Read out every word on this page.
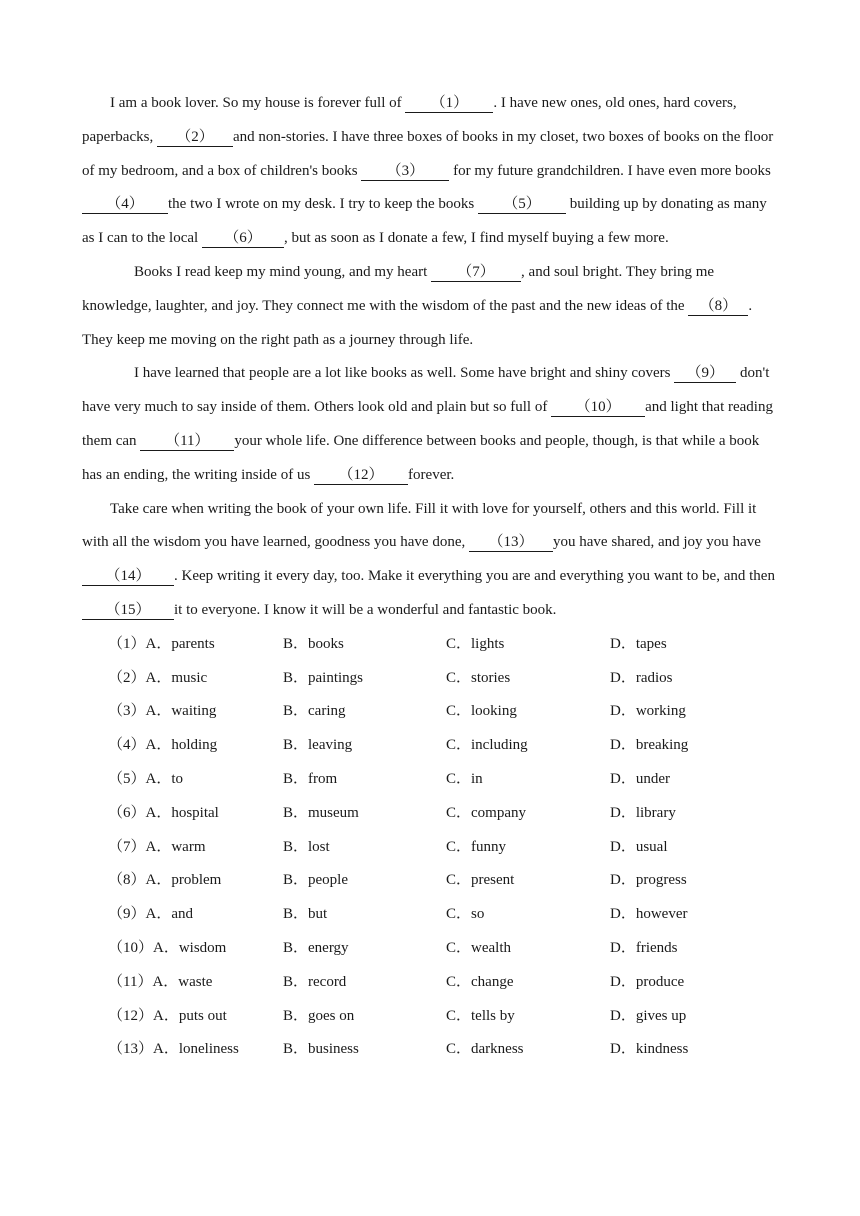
I am a book lover. So my house is forever full of （1） . I have new ones, old ones, hard covers, paperbacks, （2） and non-stories. I have three boxes of books in my closet, two boxes of books on the floor of my bedroom, and a box of children's books （3） for my future grandchildren. I have even more books （4） the two I wrote on my desk. I try to keep the books （5） building up by donating as many as I can to the local （6） , but as soon as I donate a few, I find myself buying a few more.

Books I read keep my mind young, and my heart （7） , and soul bright. They bring me knowledge, laughter, and joy. They connect me with the wisdom of the past and the new ideas of the （8） . They keep me moving on the right path as a journey through life.

I have learned that people are a lot like books as well. Some have bright and shiny covers （9） don't have very much to say inside of them. Others look old and plain but so full of （10） and light that reading them can （11） your whole life. One difference between books and people, though, is that while a book has an ending, the writing inside of us （12） forever.

Take care when writing the book of your own life. Fill it with love for yourself, others and this world. Fill it with all the wisdom you have learned, goodness you have done, （13） you have shared, and joy you have （14） . Keep writing it every day, too. Make it everything you are and everything you want to be, and then（15） it to everyone. I know it will be a wonderful and fantastic book.

（1）A．parents	B．books	C．lights	D．tapes
（2）A．music	B．paintings	C．stories	D．radios
（3）A．waiting	B．caring	C．looking	D．working
（4）A．holding	B．leaving	C．including	D．breaking
（5）A．to	B．from	C．in	D．under
（6）A．hospital	B．museum	C．company	D．library
（7）A．warm	B．lost	C．funny	D．usual
（8）A．problem	B．people	C．present	D．progress
（9）A．and	B．but	C．so	D．however
（10）A．wisdom	B．energy	C．wealth	D．friends
（11）A．waste	B．record	C．change	D．produce
（12）A．puts out	B．goes on	C．tells by	D．gives up
（13）A．loneliness	B．business	C．darkness	D．kindness
